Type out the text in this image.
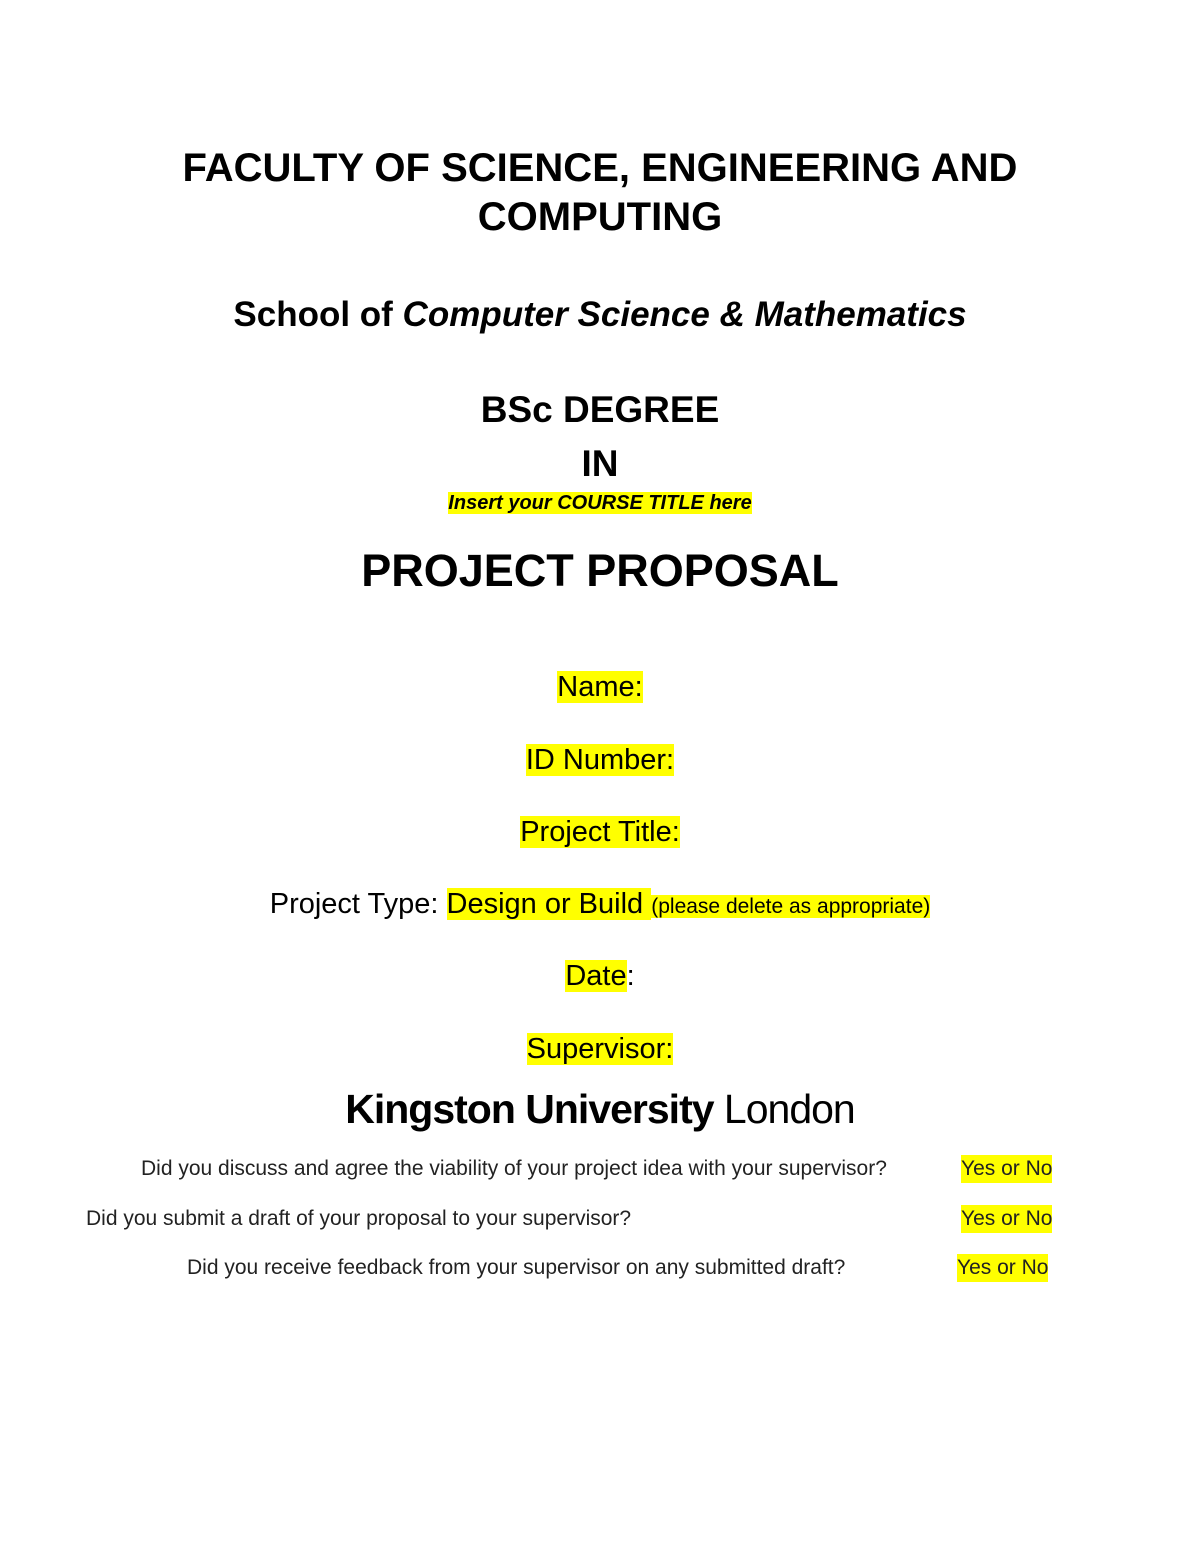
FACULTY OF SCIENCE, ENGINEERING AND
COMPUTING
School of Computer Science & Mathematics
BSc DEGREE
IN
Insert your COURSE TITLE here
PROJECT PROPOSAL
Name:
ID Number:
Project Title:
Project Type: Design or Build (please delete as appropriate)
Date:
Supervisor:
Kingston University London
Did you discuss and agree the viability of your project idea with your supervisor?	Yes or No
Did you submit a draft of your proposal to your supervisor?	Yes or No
Did you receive feedback from your supervisor on any submitted draft?	Yes or No
